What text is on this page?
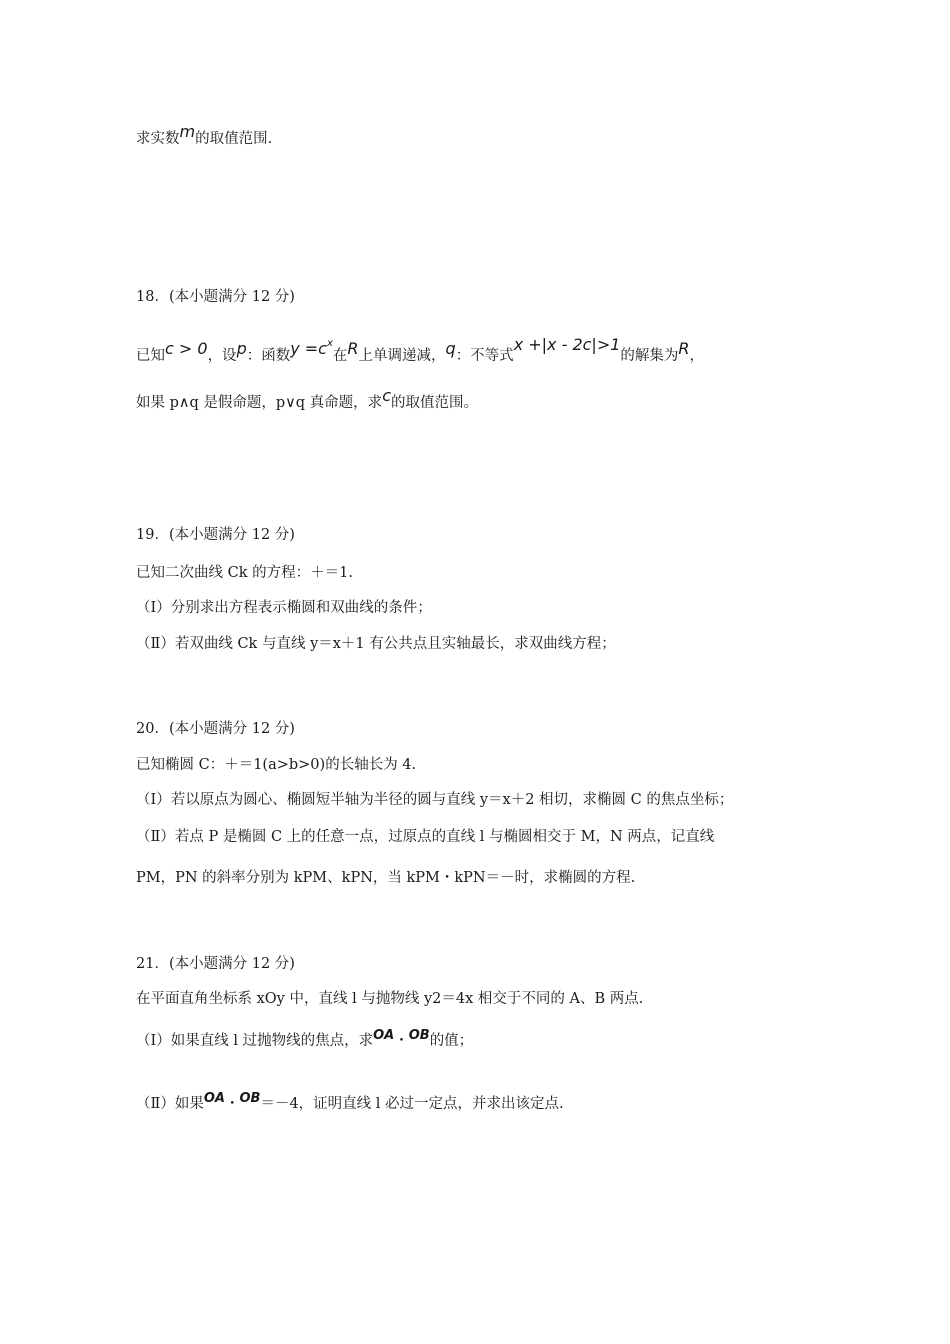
求实数m的取值范围.
18．(本小题满分 12 分)
已知c > 0，设p：函数$y =c^x$在R上单调递减，q：不等式x +|x - 2c|>1的解集为R，
如果 p∧q 是假命题，p∨q 真命题，求c的取值范围。
19．(本小题满分 12 分)
已知二次曲线 Ck 的方程：＋＝1.
（Ⅰ）分别求出方程表示椭圆和双曲线的条件；
（Ⅱ）若双曲线 Ck 与直线 y＝x＋1 有公共点且实轴最长，求双曲线方程；
20．(本小题满分 12 分)
已知椭圆 C：＋＝1(a>b>0)的长轴长为 4.
（Ⅰ）若以原点为圆心、椭圆短半轴为半径的圆与直线 y＝x＋2 相切，求椭圆 C 的焦点坐标；
（Ⅱ）若点 P 是椭圆 C 上的任意一点，过原点的直线 l 与椭圆相交于 M，N 两点，记直线
PM，PN 的斜率分别为 kPM、kPN，当 kPM・kPN＝－时，求椭圆的方程.
21．(本小题满分 12 分)
在平面直角坐标系 xOy 中，直线 l 与抛物线 y2＝4x 相交于不同的 A、B 两点.
（Ⅰ）如果直线 l 过抛物线的焦点，求OA・OB的值；
（Ⅱ）如果OA・OB＝－4，证明直线 l 必过一定点，并求出该定点.
